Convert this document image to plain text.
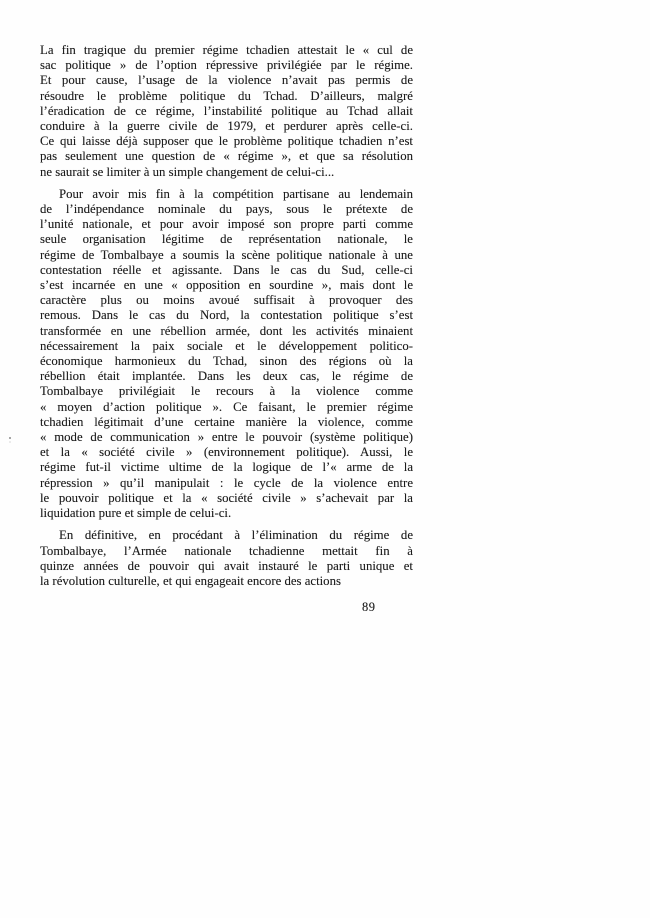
La fin tragique du premier régime tchadien attestait le « cul de
sac politique » de l’option répressive privilégiée par le régime.
Et pour cause, l’usage de la violence n’avait pas permis de
résoudre le problème politique du Tchad. D’ailleurs, malgré
l’éradication de ce régime, l’instabilité politique au Tchad allait
conduire à la guerre civile de 1979, et perdurer après celle-ci.
Ce qui laisse déjà supposer que le problème politique tchadien n’est
pas seulement une question de « régime », et que sa résolution
ne saurait se limiter à un simple changement de celui-ci...
Pour avoir mis fin à la compétition partisane au lendemain
de l’indépendance nominale du pays, sous le prétexte de
l’unité nationale, et pour avoir imposé son propre parti comme
seule organisation légitime de représentation nationale, le
régime de Tombalbaye a soumis la scène politique nationale à une
contestation réelle et agissante. Dans le cas du Sud, celle-ci
s’est incarnée en une « opposition en sourdine », mais dont le
caractère plus ou moins avoué suffisait à provoquer des
remous. Dans le cas du Nord, la contestation politique s’est
transformée en une rébellion armée, dont les activités minaient
nécessairement la paix sociale et le développement politico-
économique harmonieux du Tchad, sinon des régions où la
rébellion était implantée. Dans les deux cas, le régime de
Tombalbaye privilégiait le recours à la violence comme
« moyen d’action politique ». Ce faisant, le premier régime
tchadien légitimait d’une certaine manière la violence, comme
« mode de communication » entre le pouvoir (système politique)
et la « société civile » (environnement politique). Aussi, le
régime fut-il victime ultime de la logique de l’« arme de la
répression » qu’il manipulait : le cycle de la violence entre
le pouvoir politique et la « société civile » s’achevait par la
liquidation pure et simple de celui-ci.
En définitive, en procédant à l’élimination du régime de
Tombalbaye, l’Armée nationale tchadienne mettait fin à
quinze années de pouvoir qui avait instauré le parti unique et
la révolution culturelle, et qui engageait encore des actions
89
